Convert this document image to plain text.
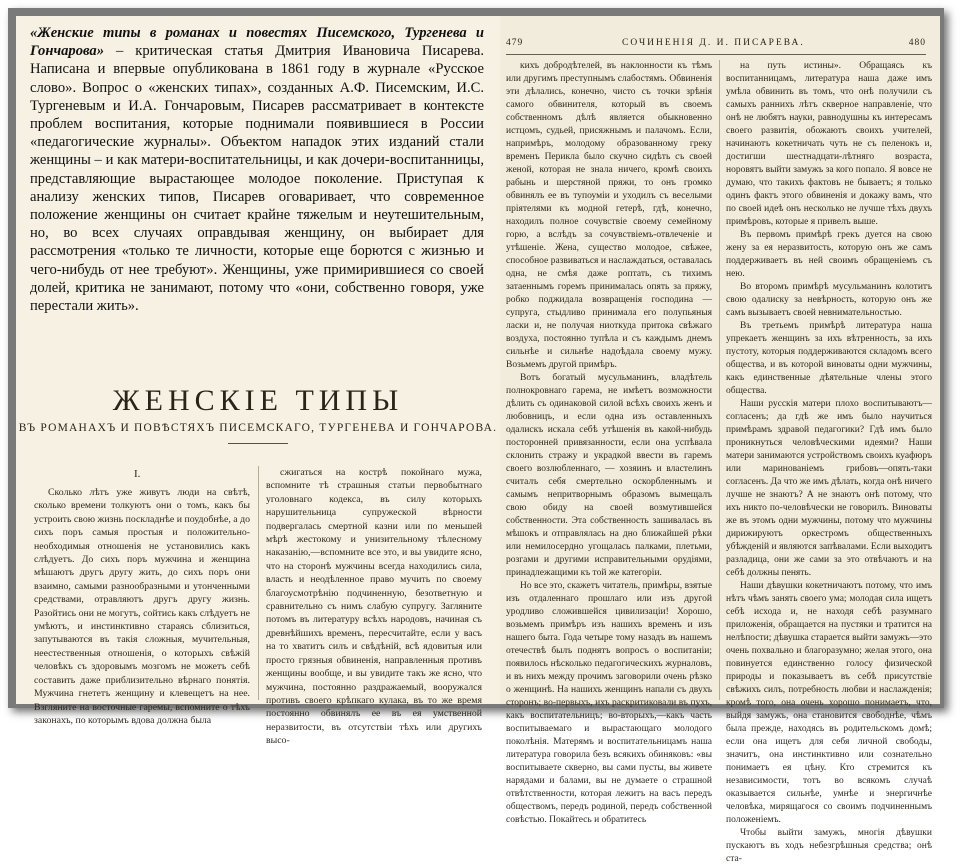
«Женские типы в романах и повестях Писемского, Тургенева и Гончарова» – критическая статья Дмитрия Ивановича Писарева. Написана и впервые опубликована в 1861 году в журнале «Русское слово». Вопрос о «женских типах», созданных А.Ф. Писемским, И.С. Тургеневым и И.А. Гончаровым, Писарев рассматривает в контексте проблем воспитания, которые поднимали появившиеся в России «педагогические журналы». Объектом нападок этих изданий стали женщины – и как матери-воспитательницы, и как дочери-воспитанницы, представляющие вырастающее молодое поколение. Приступая к анализу женских типов, Писарев оговаривает, что современное положение женщины он считает крайне тяжелым и неутешительным, но, во всех случаях оправдывая женщину, он выбирает для рассмотрения «только те личности, которые еще борются с жизнью и чего-нибудь от нее требуют». Женщины, уже примирившиеся со своей долей, критика не занимают, потому что «они, собственно говоря, уже перестали жить».
ЖЕНСКІЕ ТИПЫ
ВЪ РОМАНАХЪ И ПОВѢСТЯХЪ ПИСЕМСКАГО, ТУРГЕНЕВА И ГОНЧАРОВА.
I.

Сколько лѣтъ уже живутъ люди на свѣтѣ, сколько времени толкуютъ они о томъ, какъ бы устроить свою жизнь поскладнѣе и поудобнѣе, а до сихъ поръ самыя простыя и положительно-необходимыя отношенія не установились какъ слѣдуетъ. До сихъ поръ мужчина и женщина мѣшаютъ другъ другу жить, до сихъ поръ они взаимно, самыми разнообразными и утонченными средствами, отравляютъ другъ другу жизнь. Разойтись они не могутъ, сойтись какъ слѣдуетъ не умѣютъ, и инстинктивно стараясь сблизиться, запутываются въ такія сложныя, мучительныя, неестественныя отношенія, о которыхъ свѣжій человѣкъ съ здоровымъ мозгомъ не можетъ себѣ составить даже приблизительно вѣрнаго понятія. Мужчина гнететъ женщину и клевещетъ на нее. Взгляните на восточные гаремы, вспомните о тѣхъ законахъ, по которымъ вдова должна была

сжигаться на кострѣ покойнаго мужа, вспомните тѣ страшныя статьи первобытнаго уголовнаго кодекса, въ силу которыхъ нарушительница супружеской вѣрности подвергалась смертной казни или по меньшей мѣрѣ жестокому и унизительному тѣлесному наказанію,—вспомните все это, и вы увидите ясно, что на сторонѣ мужчины всегда находились сила, власть и неодѣленное право мучить по своему благоусмотрѣнію подчиненную, безответную и сравнительно съ нимъ слабую супругу. Загляните потомъ въ литературу всѣхъ народовъ, начиная съ древнѣйшихъ временъ, пересчитайте, если у васъ на то хватитъ силъ и свѣдѣній, всѣ ядовитыя или просто грязныя обвиненія, направленныя противъ женщины вообще, и вы увидите такъ же ясно, что мужчина, постоянно раздражаемый, вооружался противъ своего крѣпкаго кулака, въ то же время постоянно обвинялъ ее въ ея умственной неразвитости, въ отсутствіи тѣхъ или другихъ высо-

479	СОЧИНЕНІЯ Д. И. ПИСАРЕВА.	480

кихъ добродѣтелей, въ наклонности къ тѣмъ или другимъ преступнымъ слабостямъ. Обвиненія эти дѣлались, конечно, чисто съ точки зрѣнія самого обвинителя, который въ своемъ собственномъ дѣлѣ является обыкновенно истцомъ, судьей, присяжнымъ и палачомъ. Если, напримѣръ, молодому образованному греку временъ Перикла было скучно сидѣть съ своей женой, которая не знала ничего, кромѣ своихъ рабынь и шерстяной пряжи, то онъ громко обвинялъ ее въ тупоуміи и уходилъ съ веселыми пріятелями къ модной гетерѣ, гдѣ, конечно, находилъ полное сочувствіе своему семейному горю, а вслѣдъ за сочувствіемъ-отвлеченіе и утѣшеніе. Жена, существо молодое, свѣжее, способное развиваться и наслаждаться, оставалась одна, не смѣя даже роптать, съ тихимъ затаеннымъ горемъ принималась опять за пряжу, робко поджидала возвращенія господина — супруга, стыдливо принимала его полупьяныя ласки и, не получая ниоткуда притока свѣжаго воздуха, постоянно тупѣла и съ каждымъ днемъ сильнѣе и сильнѣе надоѣдала своему мужу. Возьмемъ другой примѣръ.

Вотъ богатый мусульманинъ, владѣтель полнокровнаго гарема, не имѣетъ возможности дѣлить съ одинаковой силой всѣхъ своихъ женъ и любовницъ, и если одна изъ оставленныхъ одалискъ искала себѣ утѣшенія въ какой-нибудь посторонней привязанности, если она успѣвала склонить стражу и украдкой ввести въ гаремъ своего возлюбленнаго, — хозяинъ и властелинъ считалъ себя смертельно оскорбленнымъ и самымъ непритворнымъ образомъ вымещалъ свою обиду на своей возмутившейся собственности. Эта собственность зашивалась въ мѣшокъ и отправлялась на дно ближайшей рѣки или немилосердно угощалась палками, плетьми, розгами и другими исправительными орудіями, принадлежащими къ той же категоріи.

Но все это, скажетъ читатель, примѣры, взятые изъ отдаленнаго прошлаго или изъ другой уродливо сложившейся цивилизаціи! Хорошо, возьмемъ примѣръ изъ нашихъ временъ и изъ нашего быта. Года четыре тому назадъ въ нашемъ отечествѣ былъ поднятъ вопросъ о воспитаніи; появилось нѣсколько педагогическихъ журналовъ, и въ нихъ между прочимъ заговорили очень рѣзко о женщинѣ. На нашихъ женщинъ напали съ двухъ сторонъ; во-первыхъ, ихъ раскритиковали въ пухъ, какъ воспитательницъ; во-вторыхъ,—какъ часть воспитываемаго и вырастающаго молодого поколѣнія. Матерямъ и воспитательницамъ наша литература говорила безъ всякихъ обиняковъ: «вы воспитываете скверно, вы сами пусты, вы живете нарядами и балами, вы не думаете о страшной отвѣтственности, которая лежитъ на васъ передъ обществомъ, передъ родиной, передъ собственной совѣстью. Покайтесь и обратитесь

на путь истины». Обращаясь къ воспитанницамъ, литература наша даже имъ умѣла обвинить въ томъ, что онѣ получили съ самыхъ раннихъ лѣтъ скверное направленіе, что онѣ не любятъ науки, равнодушны къ интересамъ своего развитія, обожаютъ своихъ учителей, начинаютъ кокетничать чуть не съ пеленокъ и, достигши шестнадцати-лѣтняго возраста, норовятъ выйти замужъ за кого попало. Я вовсе не думаю, что такихъ фактовъ не бываетъ; я только одинъ фактъ этого обвиненія и докажу вамъ, что по своей идеѣ онъ несколько не лучше тѣхъ двухъ примѣровъ, которые я привелъ выше.

Въ первомъ примѣрѣ грекъ дуется на свою жену за ея неразвитость, которую онъ же самъ поддерживаетъ въ ней своимъ обращеніемъ съ нею.

Во второмъ примѣрѣ мусульманинъ колотитъ свою одалиску за невѣрность, которую онъ же самъ вызываетъ своей невнимательностью.

Въ третьемъ примѣрѣ литература наша упрекаетъ женщинъ за ихъ вѣтренность, за ихъ пустоту, которыя поддерживаются складомъ всего общества, и въ которой виноваты одни мужчины, какъ единственные дѣятельные члены этого общества.

Наши русскія матери плохо воспитываютъ—согласенъ; да гдѣ же имъ было научиться примѣрамъ здравой педагогики? Гдѣ имъ было проникнуться человѣческими идеями? Наши матери занимаются устройствомъ своихъ куафюръ или маринованіемъ грибовъ—опять-таки согласенъ. Да что же имъ дѣлать, когда онѣ ничего лучше не знаютъ? А не знаютъ онѣ потому, что ихъ никто по-человѣчески не говорилъ. Виноваты же въ этомъ одни мужчины, потому что мужчины дирижируютъ оркестромъ общественныхъ убѣжденій и являются запѣвалами. Если выходитъ разладица, они же сами за это отвѣчаютъ и на себѣ должны пенять.

Наши дѣвушки кокетничаютъ потому, что имъ нѣтъ чѣмъ занять своего ума; молодая сила ищетъ себѣ исхода и, не находя себѣ разумнаго приложенія, обращается на пустяки и тратится на нелѣпости; дѣвушка старается выйти замужъ—это очень похвально и благоразумно; желая этого, она повинуется единственно голосу физической природы и показываетъ въ себѣ присутствіе свѣжихъ силъ, потребность любви и наслажденія; кромѣ того, она очень хорошо понимаетъ, что, выйдя замужъ, она становится свободнѣе, чѣмъ была прежде, находясь въ родительскомъ домѣ; если она ищетъ для себя личной свободы, значитъ, она инстинктивно или сознательно понимаетъ ея цѣну. Кто стремится къ независимости, тотъ во всякомъ случаѣ оказывается сильнѣе, умнѣе и энергичнѣе человѣка, мирящагося со своимъ подчиненнымъ положеніемъ.

Чтобы выйти замужъ, многія дѣвушки пускаютъ въ ходъ небезгрѣшныя средства; онѣ ста-
